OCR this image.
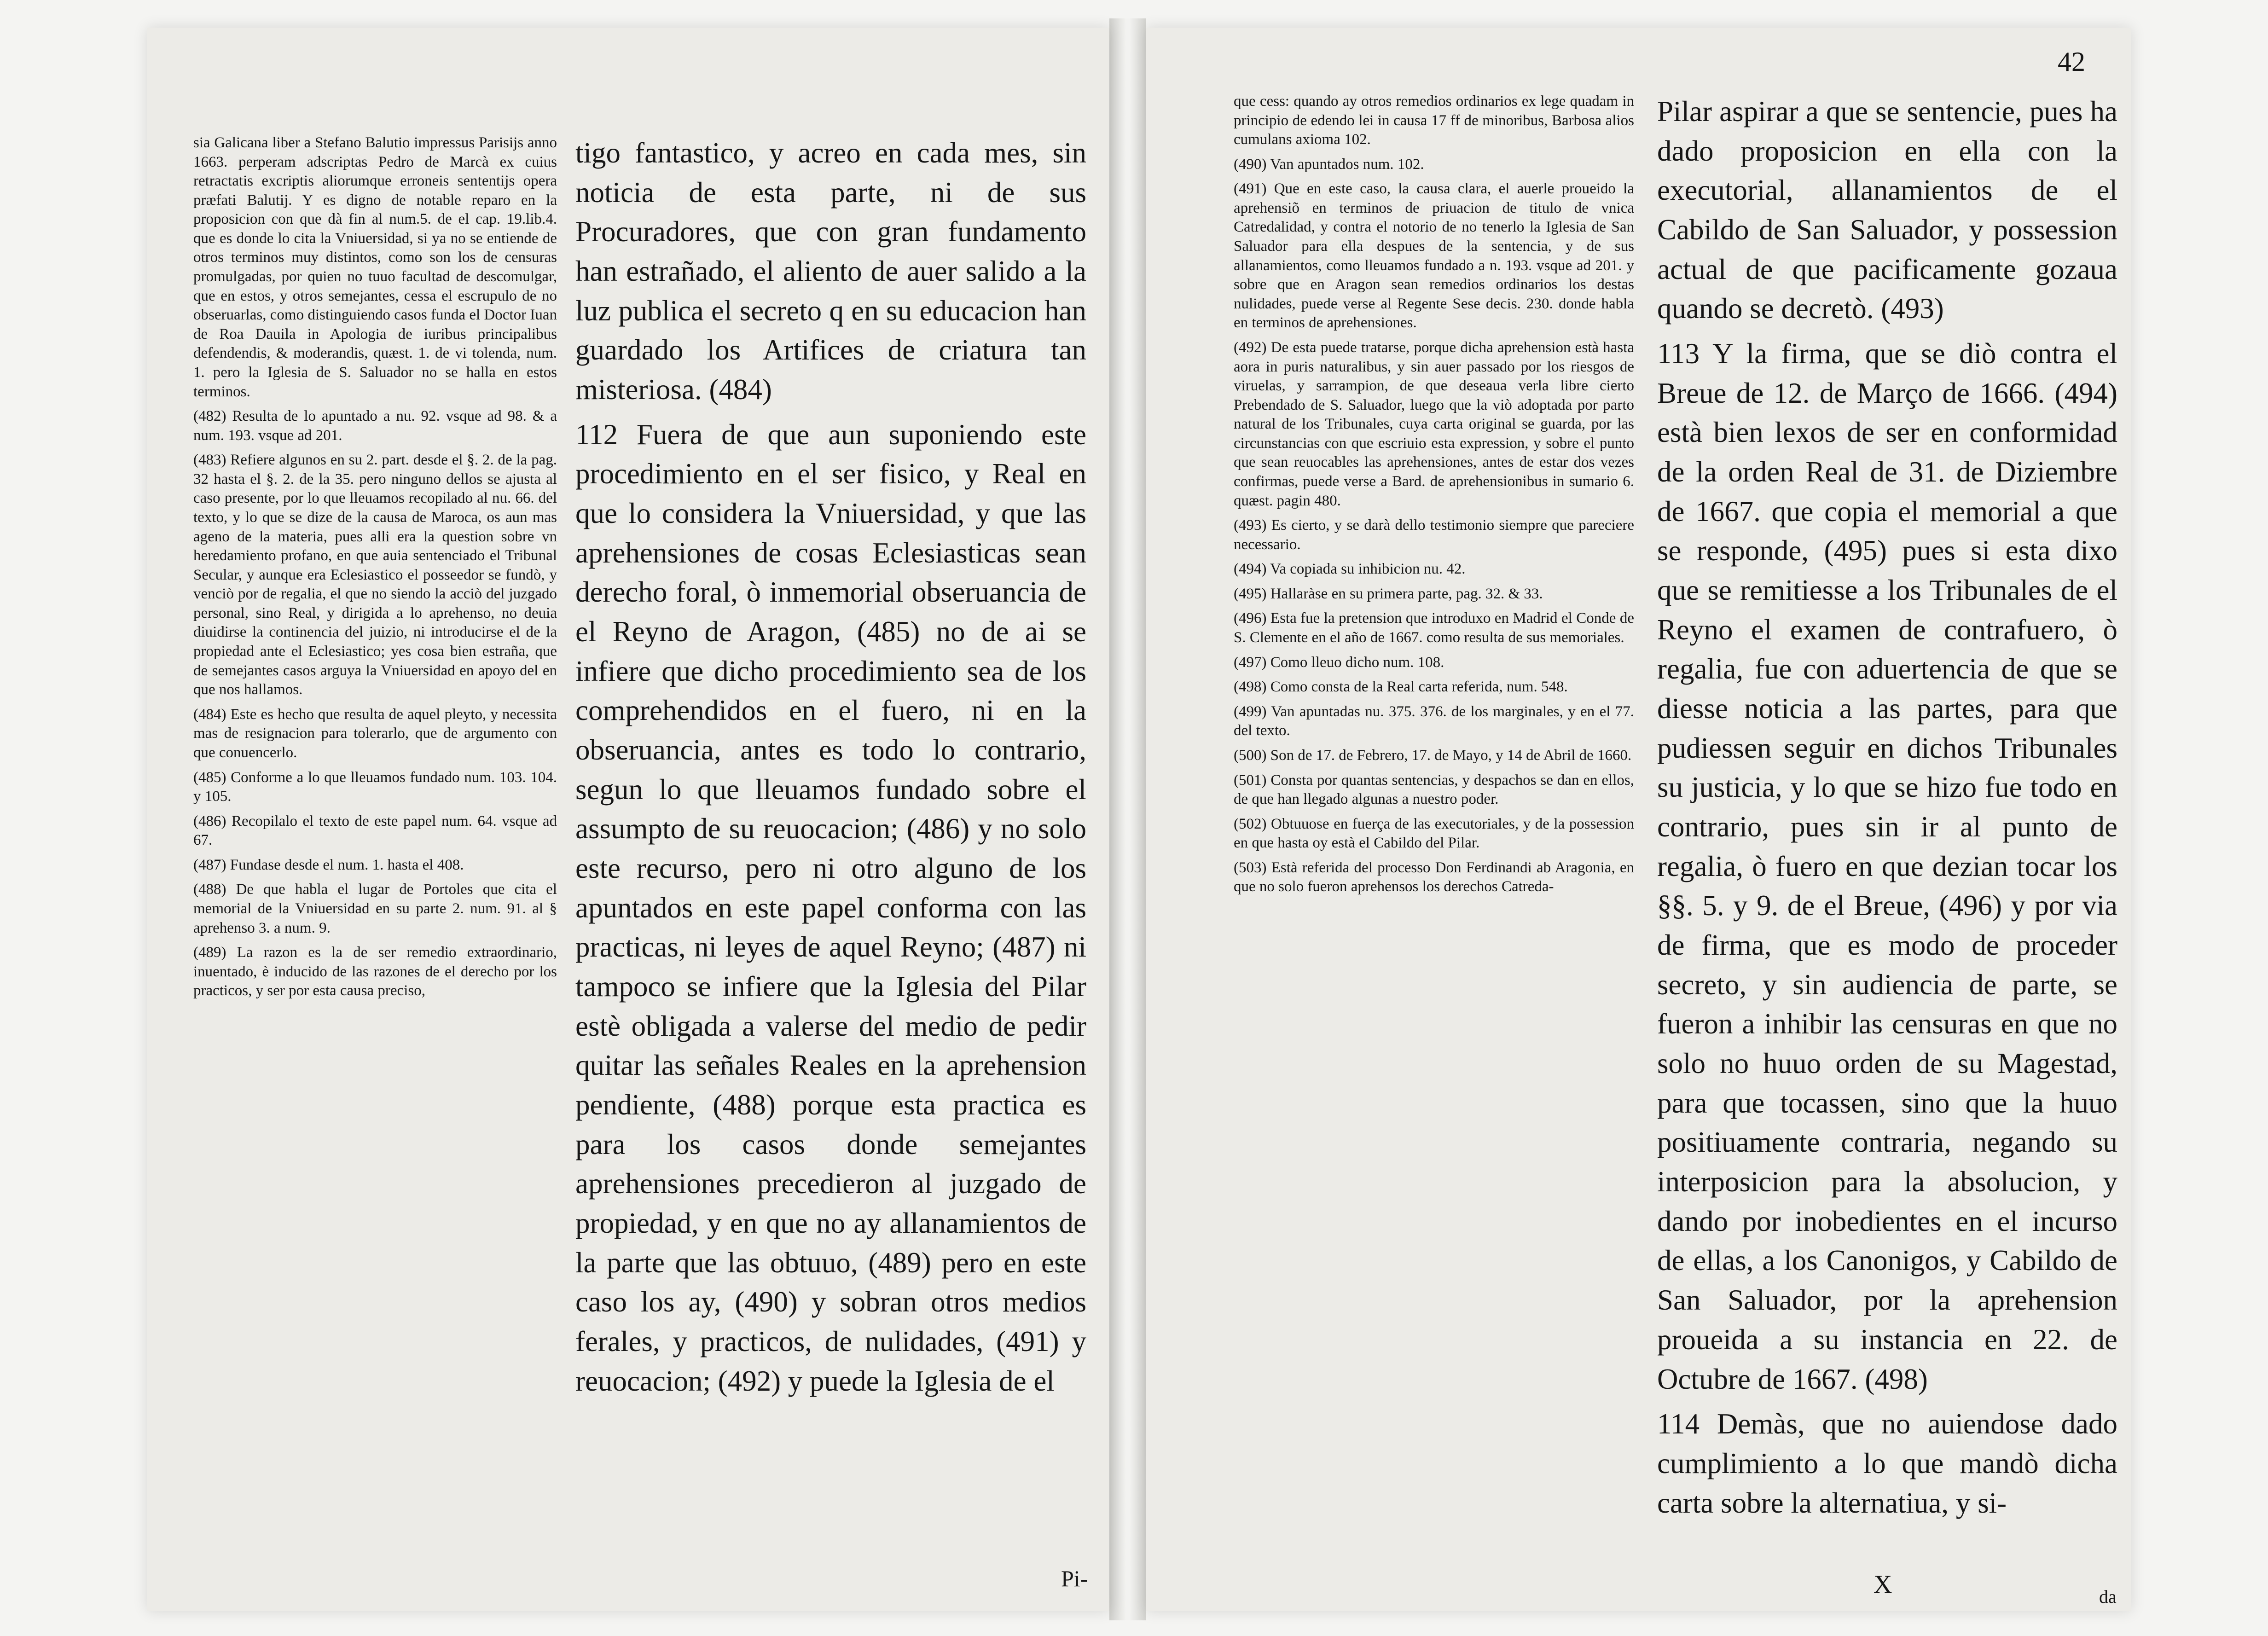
sia Galicana liber a Stefano Balutio impressus Parisijs anno 1663. perperam adscriptas Pedro de Marcà ex cuius retractatis excriptis aliorumque erroneis sententijs opera præfati Balutij. Y es digno de notable reparo en la proposicion con que dà fin al num.5. de el cap. 19.lib.4. que es donde lo cita la Vniuersidad, si ya no se entiende de otros terminos muy distintos, como son los de censuras promulgadas, por quien no tuuo facultad de descomulgar, que en estos, y otros semejantes, cessa el escrupulo de no obseruarlas, como distinguiendo casos funda el Doctor Iuan de Roa Dauila in Apologia de iuribus principalibus defendendis, & moderandis, quæst. 1. de vi tolenda, num. 1. pero la Iglesia de S. Saluador no se halla en estos terminos.

(482) Resulta de lo apuntado a nu. 92. vsque ad 98. & a num. 193. vsque ad 201.

(483) Refiere algunos en su 2. part. desde el §. 2. de la pag. 32 hasta el §. 2. de la 35. pero ninguno dellos se ajusta al caso presente, por lo que lleuamos recopilado al nu. 66. del texto, y lo que se dize de la causa de Maroca, os aun mas ageno de la materia, pues alli era la question sobre vn heredamiento profano, en que auia sentenciado el Tribunal Secular, y aunque era Eclesiastico el posseedor se fundò, y venciò por de regalia, el que no siendo la acciò del juzgado personal, sino Real, y dirigida a lo aprehenso, no deuia diuidirse la continencia del juizio, ni introducirse el de la propiedad ante el Eclesiastico; yes cosa bien estraña, que de semejantes casos arguya la Vniuersidad en apoyo del en que nos hallamos.

(484) Este es hecho que resulta de aquel pleyto, y necessita mas de resignacion para tolerarlo, que de argumento con que conuencerlo.

(485) Conforme a lo que lleuamos fundado num. 103. 104. y 105.

(486) Recopilalo el texto de este papel num. 64. vsque ad 67.

(487) Fundase desde el num. 1. hasta el 408.

(488) De que habla el lugar de Portoles que cita el memorial de la Vniuersidad en su parte 2. num. 91. al § aprehenso 3. a num. 9.

(489) La razon es la de ser remedio extraordinario, inuentado, è inducido de las razones de el derecho por los practicos, y ser por esta causa preciso,

tigo fantastico, y acreo en cada mes, sin noticia de esta parte, ni de sus Procuradores, que con gran fundamento han estrañado, el aliento de auer salido a la luz publica el secreto q en su educacion han guardado los Artifices de criatura tan misteriosa. (484)

112 Fuera de que aun suponiendo este procedimiento en el ser fisico, y Real en que lo considera la Vniuersidad, y que las aprehensiones de cosas Eclesiasticas sean derecho foral, ò inmemorial obseruancia de el Reyno de Aragon, (485) no de ai se infiere que dicho procedimiento sea de los comprehendidos en el fuero, ni en la obseruancia, antes es todo lo contrario, segun lo que lleuamos fundado sobre el assumpto de su reuocacion; (486) y no solo este recurso, pero ni otro alguno de los apuntados en este papel conforma con las practicas, ni leyes de aquel Reyno; (487) ni tampoco se infiere que la Iglesia del Pilar estè obligada a valerse del medio de pedir quitar las señales Reales en la aprehension pendiente, (488) porque esta practica es para los casos donde semejantes aprehensiones precedieron al juzgado de propiedad, y en que no ay allanamientos de la parte que las obtuuo, (489) pero en este caso los ay, (490) y sobran otros medios ferales, y practicos, de nulidades, (491) y reuocacion; (492) y puede la Iglesia de el

Pi-
42

que cess: quando ay otros remedios ordinarios ex lege quadam in principio de edendo lei in causa 17 ff de minoribus, Barbosa alios cumulans axioma 102.

(490) Van apuntados num. 102.

(491) Que en este caso, la causa clara, el auerle proueido la aprehensiõ en terminos de priuacion de titulo de vnica Catredalidad, y contra el notorio de no tenerlo la Iglesia de San Saluador para ella despues de la sentencia, y de sus allanamientos, como lleuamos fundado a n. 193. vsque ad 201. y sobre que en Aragon sean remedios ordinarios los destas nulidades, puede verse al Regente Sese decis. 230. donde habla en terminos de aprehensiones.

(492) De esta puede tratarse, porque dicha aprehension està hasta aora in puris naturalibus, y sin auer passado por los riesgos de viruelas, y sarrampion, de que deseaua verla libre cierto Prebendado de S. Saluador, luego que la viò adoptada por parto natural de los Tribunales, cuya carta original se guarda, por las circunstancias con que escriuio esta expression, y sobre el punto que sean reuocables las aprehensiones, antes de estar dos vezes confirmas, puede verse a Bard. de aprehensionibus in sumario 6. quæst. pagin 480.

(493) Es cierto, y se darà dello testimonio siempre que pareciere necessario.

(494) Va copiada su inhibicion nu. 42.

(495) Hallaràse en su primera parte, pag. 32. & 33.

(496) Esta fue la pretension que introduxo en Madrid el Conde de S. Clemente en el año de 1667. como resulta de sus memoriales.

(497) Como lleuo dicho num. 108.

(498) Como consta de la Real carta referida, num. 548.

(499) Van apuntadas nu. 375. 376. de los marginales, y en el 77. del texto.

(500) Son de 17. de Febrero, 17. de Mayo, y 14 de Abril de 1660.

(501) Consta por quantas sentencias, y despachos se dan en ellos, de que han llegado algunas a nuestro poder.

(502) Obtuuose en fuerça de las executoriales, y de la possession en que hasta oy està el Cabildo del Pilar.

(503) Està referida del processo Don Ferdinandi ab Aragonia, en que no solo fueron aprehensos los derechos Catreda-

Pilar aspirar a que se sentencie, pues ha dado proposicion en ella con la executorial, allanamientos de el Cabildo de San Saluador, y possession actual de que pacificamente gozaua quando se decretò. (493)

113 Y la firma, que se diò contra el Breue de 12. de Março de 1666. (494) està bien lexos de ser en conformidad de la orden Real de 31. de Diziembre de 1667. que copia el memorial a que se responde, (495) pues si esta dixo que se remitiesse a los Tribunales de el Reyno el examen de contrafuero, ò regalia, fue con aduertencia de que se diesse noticia a las partes, para que pudiessen seguir en dichos Tribunales su justicia, y lo que se hizo fue todo en contrario, pues sin ir al punto de regalia, ò fuero en que dezian tocar los §§. 5. y 9. de el Breue, (496) y por via de firma, que es modo de proceder secreto, y sin audiencia de parte, se fueron a inhibir las censuras en que no solo no huuo orden de su Magestad, para que tocassen, sino que la huuo positiuamente contraria, negando su interposicion para la absolucion, y dando por inobedientes en el incurso de ellas, a los Canonigos, y Cabildo de San Saluador, por la aprehension proueida a su instancia en 22. de Octubre de 1667. (498)

114 Demàs, que no auiendose dado cumplimiento a lo que mandò dicha carta sobre la alternatiua, y si-

X	da
